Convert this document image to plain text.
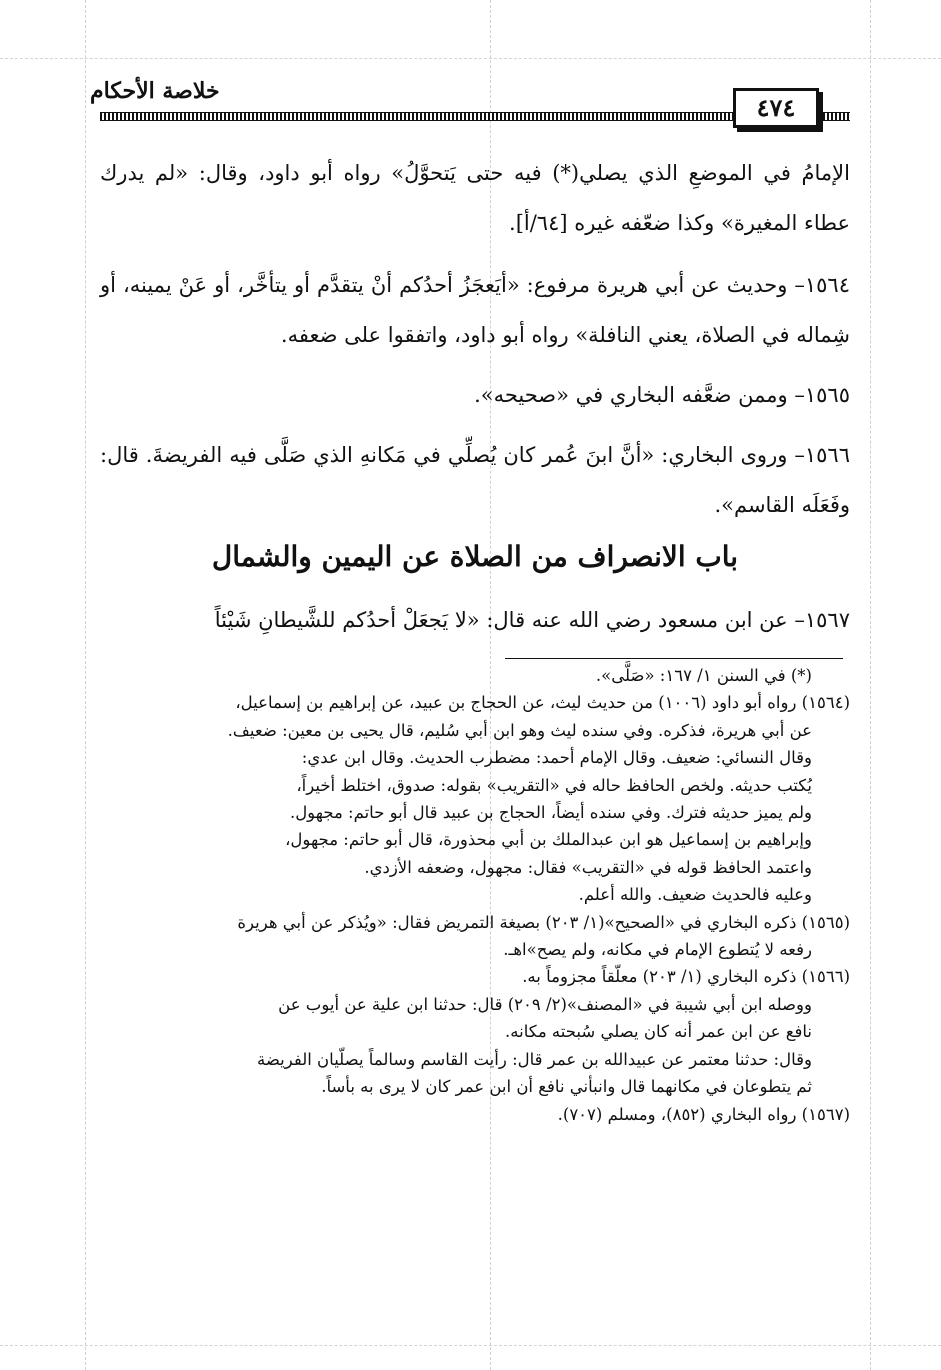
خلاصة الأحكام
٤٧٤

الإمامُ في الموضعِ الذي يصلي(*) فيه حتى يَتحوَّلُ» رواه أبو داود، وقال: «لم يدرك عطاء المغيرة» وكذا ضعّفه غيره [٦٤/أ].

١٥٦٤– وحديث عن أبي هريرة مرفوع: «أيَعجَزُ أحدُكم أنْ يتقدَّم أو يتأخَّر، أو عَنْ يمينه، أو شِماله في الصلاة، يعني النافلة» رواه أبو داود، واتفقوا على ضعفه.

١٥٦٥– وممن ضعَّفه البخاري في «صحيحه».

١٥٦٦– وروى البخاري: «أنَّ ابنَ عُمر كان يُصلِّي في مَكانهِ الذي صَلَّى فيه الفريضةَ. قال: وفَعَلَه القاسم».

باب الانصراف من الصلاة عن اليمين والشمال

١٥٦٧– عن ابن مسعود رضي الله عنه قال: «لا يَجعَلْ أحدُكم للشَّيطانِ شَيْئاً

(*) في السنن ١/ ١٦٧: «صَلَّى».

(١٥٦٤) رواه أبو داود (١٠٠٦) من حديث ليث، عن الحجاج بن عبيد، عن إبراهيم بن إسماعيل،

عن أبي هريرة، فذكره. وفي سنده ليث وهو ابن أبي سُليم، قال يحيى بن معين: ضعيف.

وقال النسائي: ضعيف. وقال الإمام أحمد: مضطرب الحديث. وقال ابن عدي:

يُكتب حديثه. ولخص الحافظ حاله في «التقريب» بقوله: صدوق، اختلط أخيراً،

ولم يميز حديثه فترك. وفي سنده أيضاً، الحجاج بن عبيد قال أبو حاتم: مجهول.

وإبراهيم بن إسماعيل هو ابن عبدالملك بن أبي محذورة، قال أبو حاتم: مجهول،

واعتمد الحافظ قوله في «التقريب» فقال: مجهول، وضعفه الأزدي.

وعليه فالحديث ضعيف. والله أعلم.

(١٥٦٥) ذكره البخاري في «الصحيح»(١/ ٢٠٣) بصيغة التمريض فقال: «ويُذكر عن أبي هريرة

رفعه لا يُتطوع الإمام في مكانه، ولم يصح»اهـ.

(١٥٦٦) ذكره البخاري (١/ ٢٠٣) معلّقاً مجزوماً به.

ووصله ابن أبي شيبة في «المصنف»(٢/ ٢٠٩) قال: حدثنا ابن علية عن أيوب عن

نافع عن ابن عمر أنه كان يصلي سُبحته مكانه.

وقال: حدثنا معتمر عن عبيدالله بن عمر قال: رأيت القاسم وسالماً يصلّيان الفريضة

ثم يتطوعان في مكانهما قال وانبأني نافع أن ابن عمر كان لا يرى به بأساً.

(١٥٦٧) رواه البخاري (٨٥٢)، ومسلم (٧٠٧).
